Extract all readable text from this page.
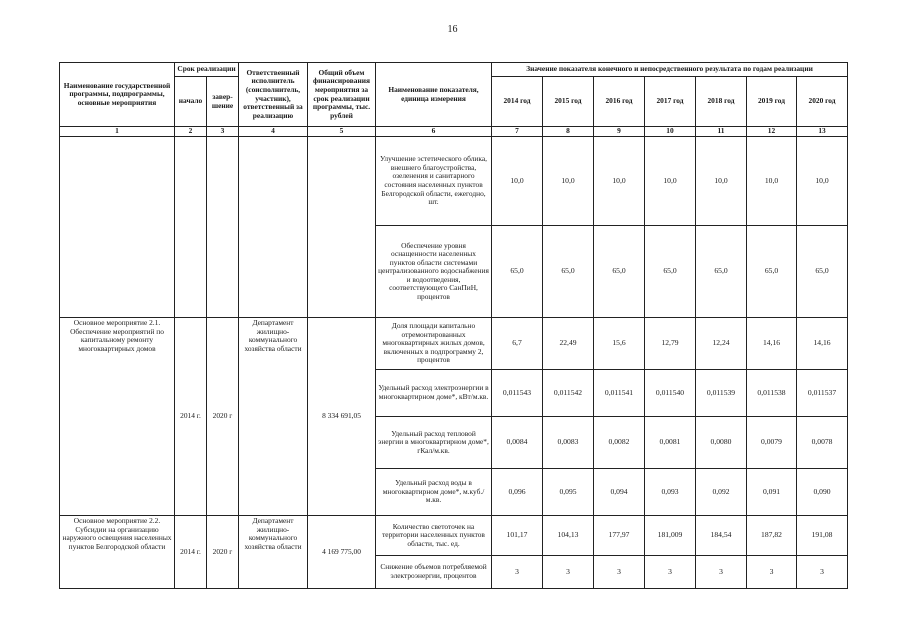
16
Наименование государственной программы, подпрограммы, основные мероприятия	Срок реализации		Ответственный исполнитель (соисполнитель, участник), ответственный за реализацию	Общий объем финансирования мероприятия за срок реализации программы, тыс. рублей	Наименование показателя, единица измерения	Значение показателя конечного и непосредственного результата по годам реализации						
	начало	завер-шение				2014 год	2015 год	2016 год	2017 год	2018 год	2019 год	2020 год
1	2	3	4	5	6	7	8	9	10	11	12	13
					Улучшение эстетического облика, внешнего благоустройства, озеленения и санитарного состояния населенных пунктов Белгородской области, ежегодно, шт.	10,0	10,0	10,0	10,0	10,0	10,0	10,0
					Обеспечение уровня оснащенности населенных пунктов области системами централизованного водоснабжения и водоотведения, соответствующего СанПиН, процентов	65,0	65,0	65,0	65,0	65,0	65,0	65,0
Основное мероприятие 2.1. Обеспечение мероприятий по капитальному ремонту многоквартирных домов	2014 г.	2020 г	Департамент жилищно-коммунального хозяйства области	8 334 691,05	Доля площади капитально отремонтированных многоквартирных жилых домов, включенных в подпрограмму 2, процентов	6,7	22,49	15,6	12,79	12,24	14,16	14,16
					Удельный расход электроэнергии в многоквартирном доме*, кВт/м.кв.	0,011543	0,011542	0,011541	0,011540	0,011539	0,011538	0,011537
					Удельный расход тепловой энергии в многоквартирном доме*, гКал/м.кв.	0,0084	0,0083	0,0082	0,0081	0,0080	0,0079	0,0078
					Удельный расход воды в многоквартирном доме*, м.куб./м.кв.	0,096	0,095	0,094	0,093	0,092	0,091	0,090
Основное мероприятие 2.2. Субсидии на организацию наружного освещения населенных пунктов Белгородской области	2014 г.	2020 г	Департамент жилищно-коммунального хозяйства области	4 169 775,00	Количество светоточек на территории населенных пунктов области, тыс. ед.	101,17	104,13	177,97	181,009	184,54	187,82	191,08
					Снижение объемов потребляемой электроэнергии, процентов	3	3	3	3	3	3	3
